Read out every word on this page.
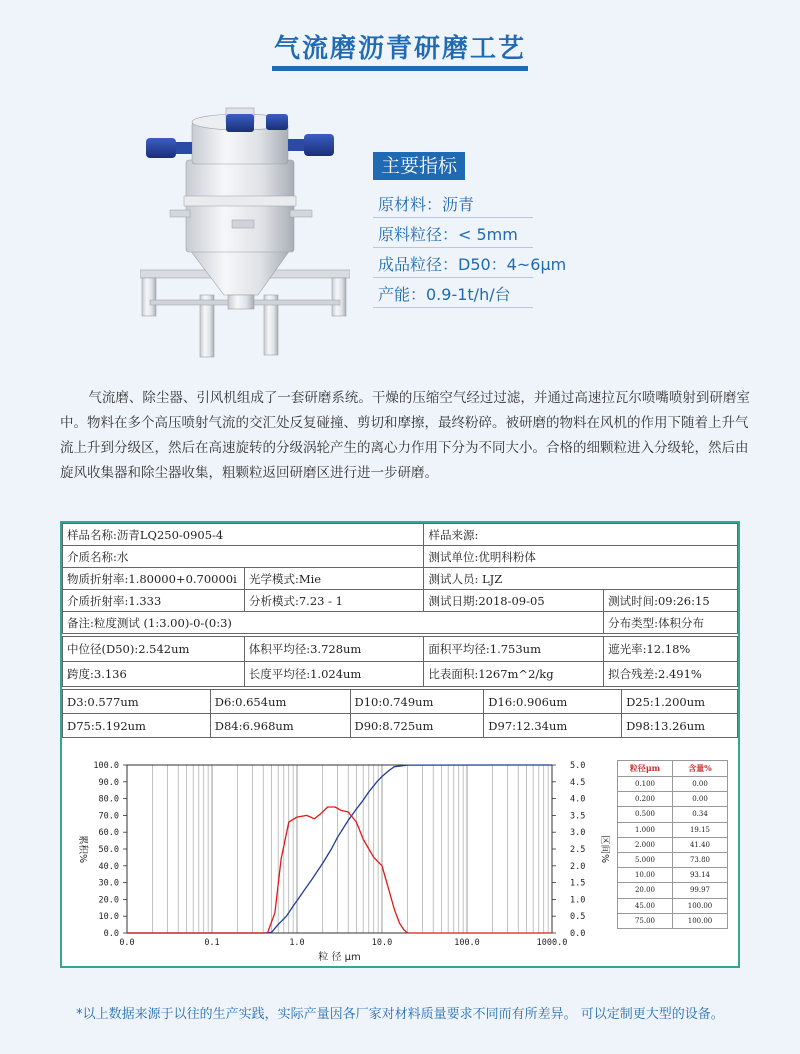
气流磨沥青研磨工艺
主要指标
原材料：沥青
原料粒径：< 5mm
成品粒径：D50：4~6μm
产能：0.9-1t/h/台
气流磨、除尘器、引风机组成了一套研磨系统。干燥的压缩空气经过过滤，并通过高速拉瓦尔喷嘴喷射到研磨室中。物料在多个高压喷射气流的交汇处反复碰撞、剪切和摩擦，最终粉碎。被研磨的物料在风机的作用下随着上升气流上升到分级区，然后在高速旋转的分级涡轮产生的离心力作用下分为不同大小。合格的细颗粒进入分级轮，然后由旋风收集器和除尘器收集，粗颗粒返回研磨区进行进一步研磨。
样品名称:沥青LQ250-0905-4		样品来源:	
介质名称:水		测试单位:优明科粉体	
物质折射率:1.80000+0.70000i	光学模式:Mie	测试人员: LJZ	
介质折射率:1.333	分析模式:7.23 - 1	测试日期:2018-09-05	测试时间:09:26:15
备注:粒度测试 (1:3.00)-0-(0:3)			分布类型:体积分布
中位径(D50):2.542um	体积平均径:3.728um	面积平均径:1.753um	遮光率:12.18%
跨度:3.136	长度平均径:1.024um	比表面积:1267m^2/kg	拟合残差:2.491%
D3:0.577um	D6:0.654um	D10:0.749um	D16:0.906um	D25:1.200um
D75:5.192um	D84:6.968um	D90:8.725um	D97:12.34um	D98:13.26um
0.0
10.0
20.0
30.0
40.0
50.0
60.0
70.0
80.0
90.0
100.0
0.0
0.5
1.0
1.5
2.0
2.5
3.0
3.5
4.0
4.5
5.0
0.0	0.1	1.0	10.0	100.0	1000.0
粒 径 μm
累积%	区间%
粒径μm	含量%
0.100	0.00
0.200	0.00
0.500	0.34
1.000	19.15
2.000	41.40
5.000	73.80
10.00	93.14
20.00	99.97
45.00	100.00
75.00	100.00
*以上数据来源于以往的生产实践，实际产量因各厂家对材料质量要求不同而有所差异。 可以定制更大型的设备。
